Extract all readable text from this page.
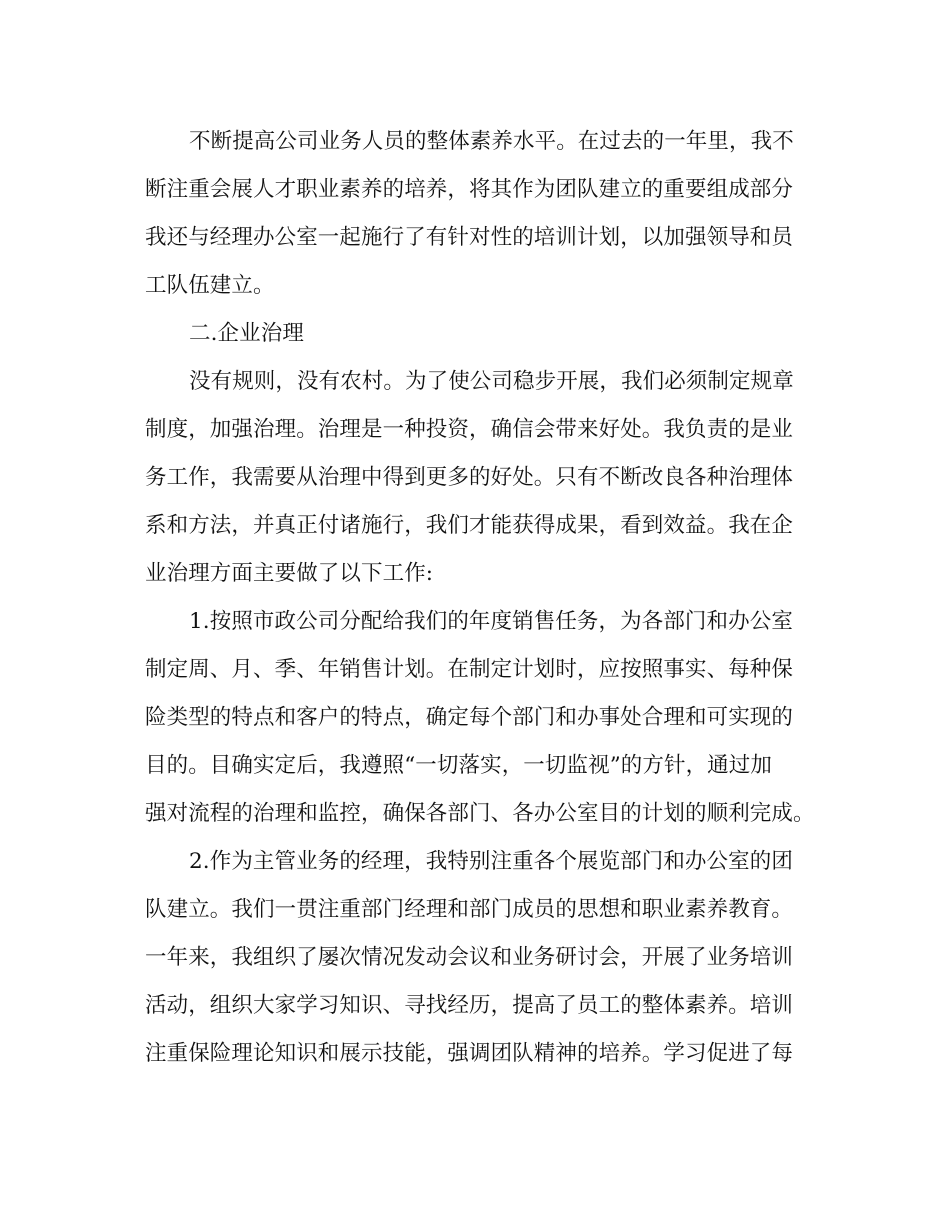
不断提高公司业务人员的整体素养水平。在过去的一年里，我不
断注重会展人才职业素养的培养，将其作为团队建立的重要组成部分
我还与经理办公室一起施行了有针对性的培训计划，以加强领导和员
工队伍建立。
二.企业治理
没有规则，没有农村。为了使公司稳步开展，我们必须制定规章
制度，加强治理。治理是一种投资，确信会带来好处。我负责的是业
务工作，我需要从治理中得到更多的好处。只有不断改良各种治理体
系和方法，并真正付诸施行，我们才能获得成果，看到效益。我在企
业治理方面主要做了以下工作:
1.按照市政公司分配给我们的年度销售任务，为各部门和办公室
制定周、月、季、年销售计划。在制定计划时，应按照事实、每种保
险类型的特点和客户的特点，确定每个部门和办事处合理和可实现的
目的。目确实定后，我遵照“一切落实，一切监视”的方针，通过加
强对流程的治理和监控，确保各部门、各办公室目的计划的顺利完成。
2.作为主管业务的经理，我特别注重各个展览部门和办公室的团
队建立。我们一贯注重部门经理和部门成员的思想和职业素养教育。
一年来，我组织了屡次情况发动会议和业务研讨会，开展了业务培训
活动，组织大家学习知识、寻找经历，提高了员工的整体素养。培训
注重保险理论知识和展示技能，强调团队精神的培养。学习促进了每
